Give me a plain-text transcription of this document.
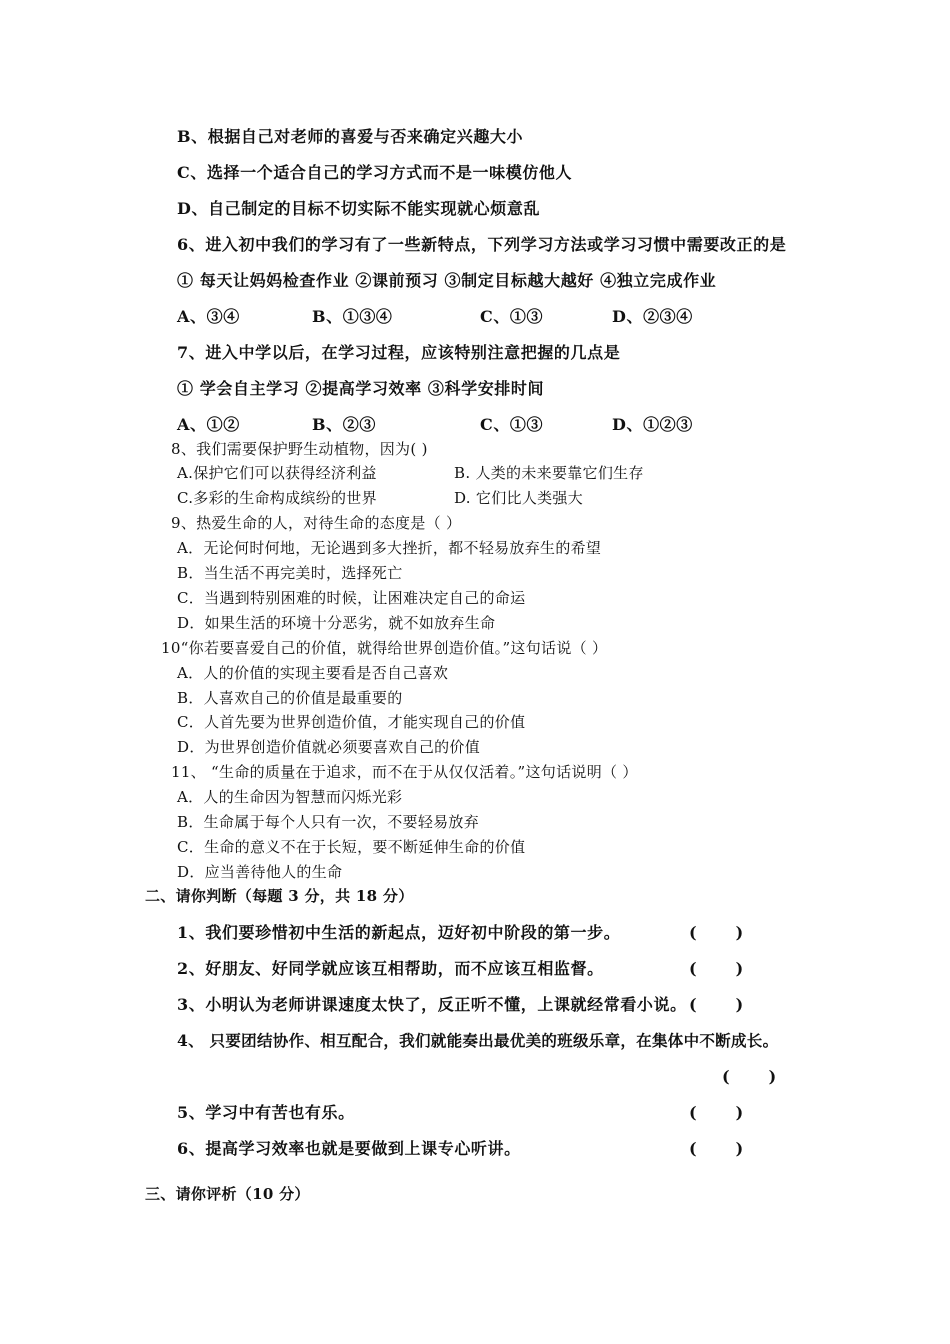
B、根据自己对老师的喜爱与否来确定兴趣大小
C、选择一个适合自己的学习方式而不是一味模仿他人
D、自己制定的目标不切实际不能实现就心烦意乱
6、进入初中我们的学习有了一些新特点，下列学习方法或学习习惯中需要改正的是
① 每天让妈妈检查作业 ②课前预习 ③制定目标越大越好 ④独立完成作业
A、③④	B、①③④	C、①③	D、②③④
7、进入中学以后，在学习过程，应该特别注意把握的几点是
① 学会自主学习 ②提高学习效率 ③科学安排时间
A、①②	B、②③	C、①③	D、①②③
8、我们需要保护野生动植物，因为( )
A.保护它们可以获得经济利益	B. 人类的未来要靠它们生存
C.多彩的生命构成缤纷的世界	D. 它们比人类强大
9、热爱生命的人，对待生命的态度是（ ）
A．无论何时何地，无论遇到多大挫折，都不轻易放弃生的希望
B．当生活不再完美时，选择死亡
C．当遇到特别困难的时候，让困难决定自己的命运
D．如果生活的环境十分恶劣，就不如放弃生命
10“你若要喜爱自己的价值，就得给世界创造价值。”这句话说（ ）
A．人的价值的实现主要看是否自己喜欢
B．人喜欢自己的价值是最重要的
C．人首先要为世界创造价值，才能实现自己的价值
D．为世界创造价值就必须要喜欢自己的价值
11、 “生命的质量在于追求，而不在于从仅仅活着。”这句话说明（ ）
A．人的生命因为智慧而闪烁光彩
B．生命属于每个人只有一次，不要轻易放弃
C．生命的意义不在于长短，要不断延伸生命的价值
D．应当善待他人的生命
二、请你判断（每题 3 分，共 18 分）
1、我们要珍惜初中生活的新起点，迈好初中阶段的第一步。	(       )
2、好朋友、好同学就应该互相帮助，而不应该互相监督。	(       )
3、小明认为老师讲课速度太快了，反正听不懂，上课就经常看小说。 (       )
4、 只要团结协作、相互配合，我们就能奏出最优美的班级乐章，在集体中不断成长。
(       )
5、学习中有苦也有乐。	(       )
6、提高学习效率也就是要做到上课专心听讲。	(       )
三、请你评析（10 分）
